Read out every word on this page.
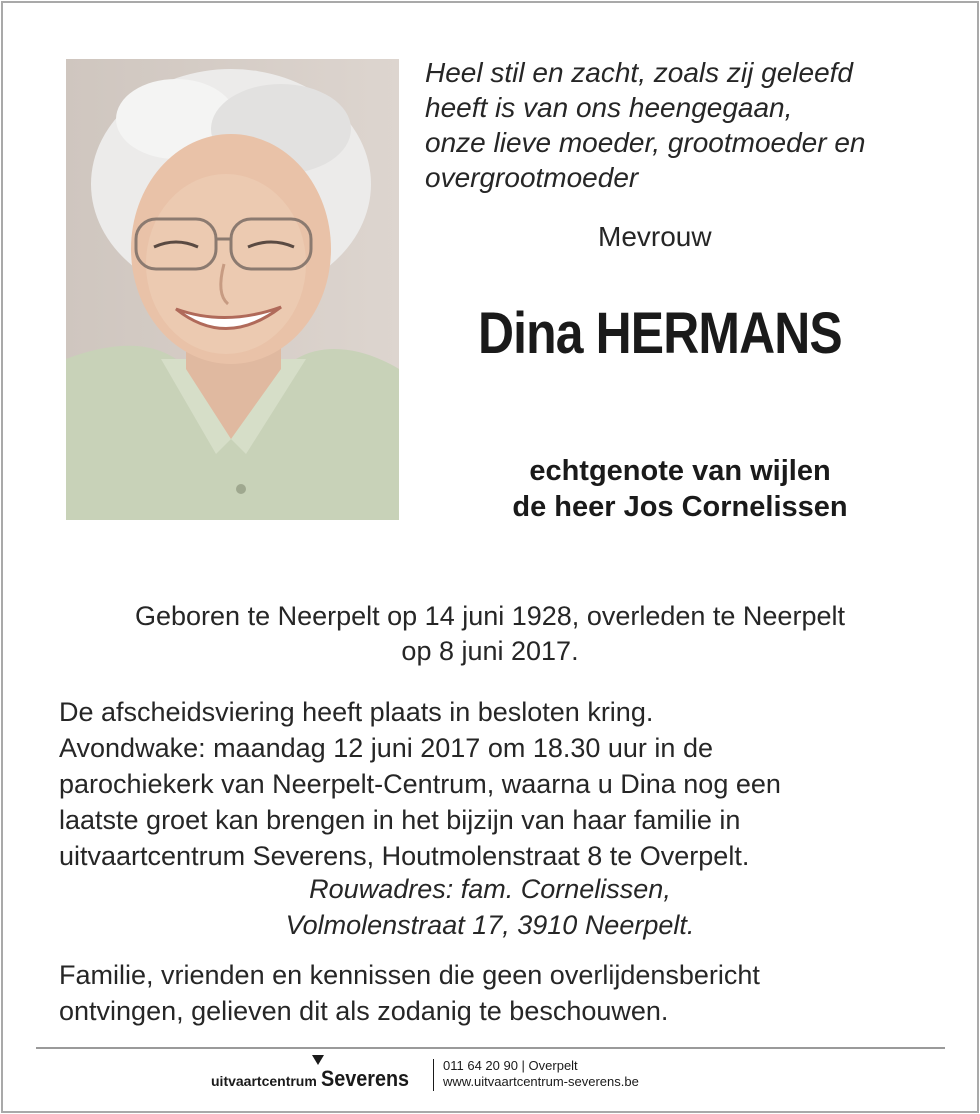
Heel stil en zacht, zoals zij geleefd
heeft is van ons heengegaan,
onze lieve moeder, grootmoeder en
overgrootmoeder
Mevrouw
Dina HERMANS
echtgenote van wijlen
de heer Jos Cornelissen
Geboren te Neerpelt op 14 juni 1928, overleden te Neerpelt
op 8 juni 2017.
De afscheidsviering heeft plaats in besloten kring.
Avondwake: maandag 12 juni 2017 om 18.30 uur in de
parochiekerk van Neerpelt-Centrum, waarna u Dina nog een
laatste groet kan brengen in het bijzijn van haar familie in
uitvaartcentrum Severens, Houtmolenstraat 8 te Overpelt.
Rouwadres: fam. Cornelissen,
Volmolenstraat 17, 3910 Neerpelt.
Familie, vrienden en kennissen die geen overlijdensbericht
ontvingen, gelieven dit als zodanig te beschouwen.
uitvaartcentrum Severens
011 64 20 90 | Overpelt
www.uitvaartcentrum-severens.be
